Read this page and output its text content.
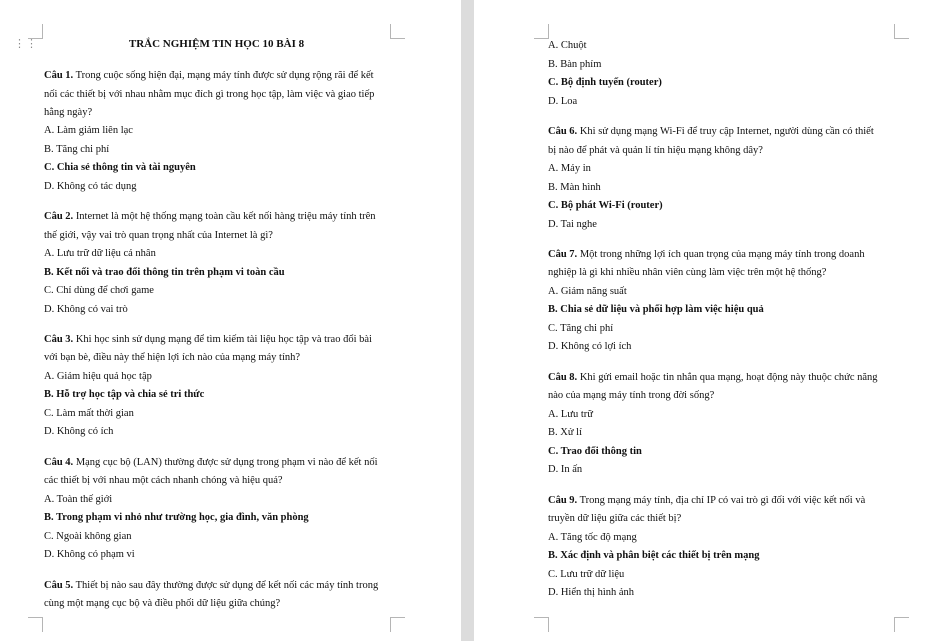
⋮⋮	TRẮC NGHIỆM TIN HỌC 10 BÀI 8
Câu 1. Trong cuộc sống hiện đại, mạng máy tính được sử dụng rộng rãi để kết
nối các thiết bị với nhau nhằm mục đích gì trong học tập, làm việc và giao tiếp
hằng ngày?
A. Làm giảm liên lạc
B. Tăng chi phí
C. Chia sẻ thông tin và tài nguyên
D. Không có tác dụng
Câu 2. Internet là một hệ thống mạng toàn cầu kết nối hàng triệu máy tính trên
thế giới, vậy vai trò quan trọng nhất của Internet là gì?
A. Lưu trữ dữ liệu cá nhân
B. Kết nối và trao đổi thông tin trên phạm vi toàn cầu
C. Chỉ dùng để chơi game
D. Không có vai trò
Câu 3. Khi học sinh sử dụng mạng để tìm kiếm tài liệu học tập và trao đổi bài
với bạn bè, điều này thể hiện lợi ích nào của mạng máy tính?
A. Giảm hiệu quả học tập
B. Hỗ trợ học tập và chia sẻ tri thức
C. Làm mất thời gian
D. Không có ích
Câu 4. Mạng cục bộ (LAN) thường được sử dụng trong phạm vi nào để kết nối
các thiết bị với nhau một cách nhanh chóng và hiệu quả?
A. Toàn thế giới
B. Trong phạm vi nhỏ như trường học, gia đình, văn phòng
C. Ngoài không gian
D. Không có phạm vi
Câu 5. Thiết bị nào sau đây thường được sử dụng để kết nối các máy tính trong
cùng một mạng cục bộ và điều phối dữ liệu giữa chúng?
A. Chuột
B. Bàn phím
C. Bộ định tuyến (router)
D. Loa
Câu 6. Khi sử dụng mạng Wi-Fi để truy cập Internet, người dùng cần có thiết
bị nào để phát và quản lí tín hiệu mạng không dây?
A. Máy in
B. Màn hình
C. Bộ phát Wi-Fi (router)
D. Tai nghe
Câu 7. Một trong những lợi ích quan trọng của mạng máy tính trong doanh
nghiệp là gì khi nhiều nhân viên cùng làm việc trên một hệ thống?
A. Giảm năng suất
B. Chia sẻ dữ liệu và phối hợp làm việc hiệu quả
C. Tăng chi phí
D. Không có lợi ích
Câu 8. Khi gửi email hoặc tin nhắn qua mạng, hoạt động này thuộc chức năng
nào của mạng máy tính trong đời sống?
A. Lưu trữ
B. Xử lí
C. Trao đổi thông tin
D. In ấn
Câu 9. Trong mạng máy tính, địa chỉ IP có vai trò gì đối với việc kết nối và
truyền dữ liệu giữa các thiết bị?
A. Tăng tốc độ mạng
B. Xác định và phân biệt các thiết bị trên mạng
C. Lưu trữ dữ liệu
D. Hiển thị hình ảnh
